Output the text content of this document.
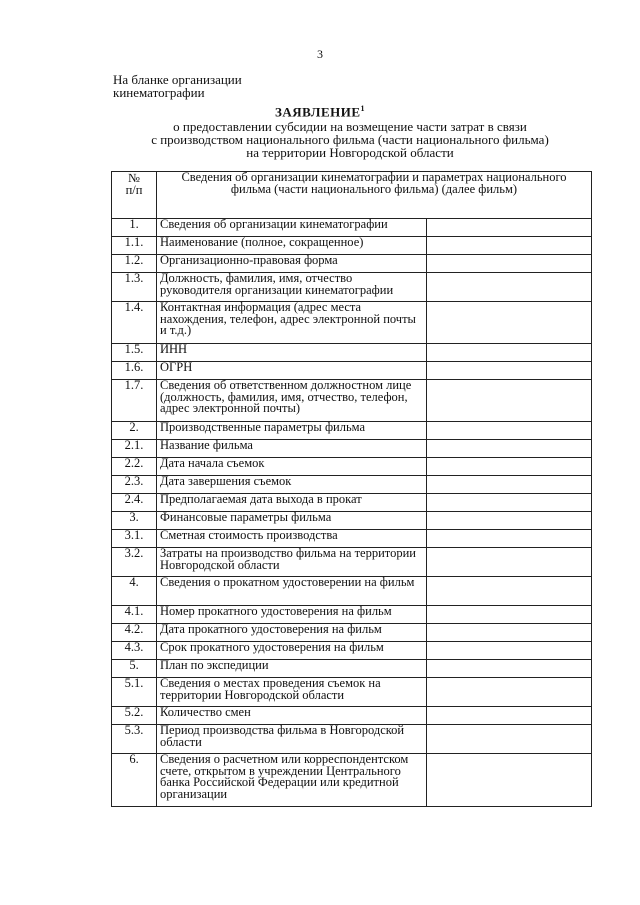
3
На бланке организации
кинематографии
ЗАЯВЛЕНИЕ$^1$
о предоставлении субсидии на возмещение части затрат в связи
с производством национального фильма (части национального фильма)
на территории Новгородской области
№
п/п	Сведения об организации кинематографии и параметрах национального фильма (части национального фильма) (далее фильм)	
1.	Сведения об организации кинематографии	
1.1.	Наименование (полное, сокращенное)	
1.2.	Организационно-правовая форма	
1.3.	Должность, фамилия, имя, отчество руководителя организации кинематографии	
1.4.	Контактная информация (адрес места нахождения, телефон, адрес электронной почты и т.д.)	
1.5.	ИНН	
1.6.	ОГРН	
1.7.	Сведения об ответственном должностном лице (должность, фамилия, имя, отчество, телефон, адрес электронной почты)	
2.	Производственные параметры фильма	
2.1.	Название фильма	
2.2.	Дата начала съемок	
2.3.	Дата завершения съемок	
2.4.	Предполагаемая дата выхода в прокат	
3.	Финансовые параметры фильма	
3.1.	Сметная стоимость производства	
3.2.	Затраты на производство фильма на территории Новгородской области	
4.	Сведения о прокатном удостоверении на фильм	
4.1.	Номер прокатного удостоверения на фильм	
4.2.	Дата прокатного удостоверения на фильм	
4.3.	Срок прокатного удостоверения на фильм	
5.	План по экспедиции	
5.1.	Сведения о местах проведения съемок на территории Новгородской области	
5.2.	Количество смен	
5.3.	Период производства фильма в Новгородской области	
6.	Сведения о расчетном или корреспондентском счете, открытом в учреждении Центрального банка Российской Федерации или кредитной организации	
